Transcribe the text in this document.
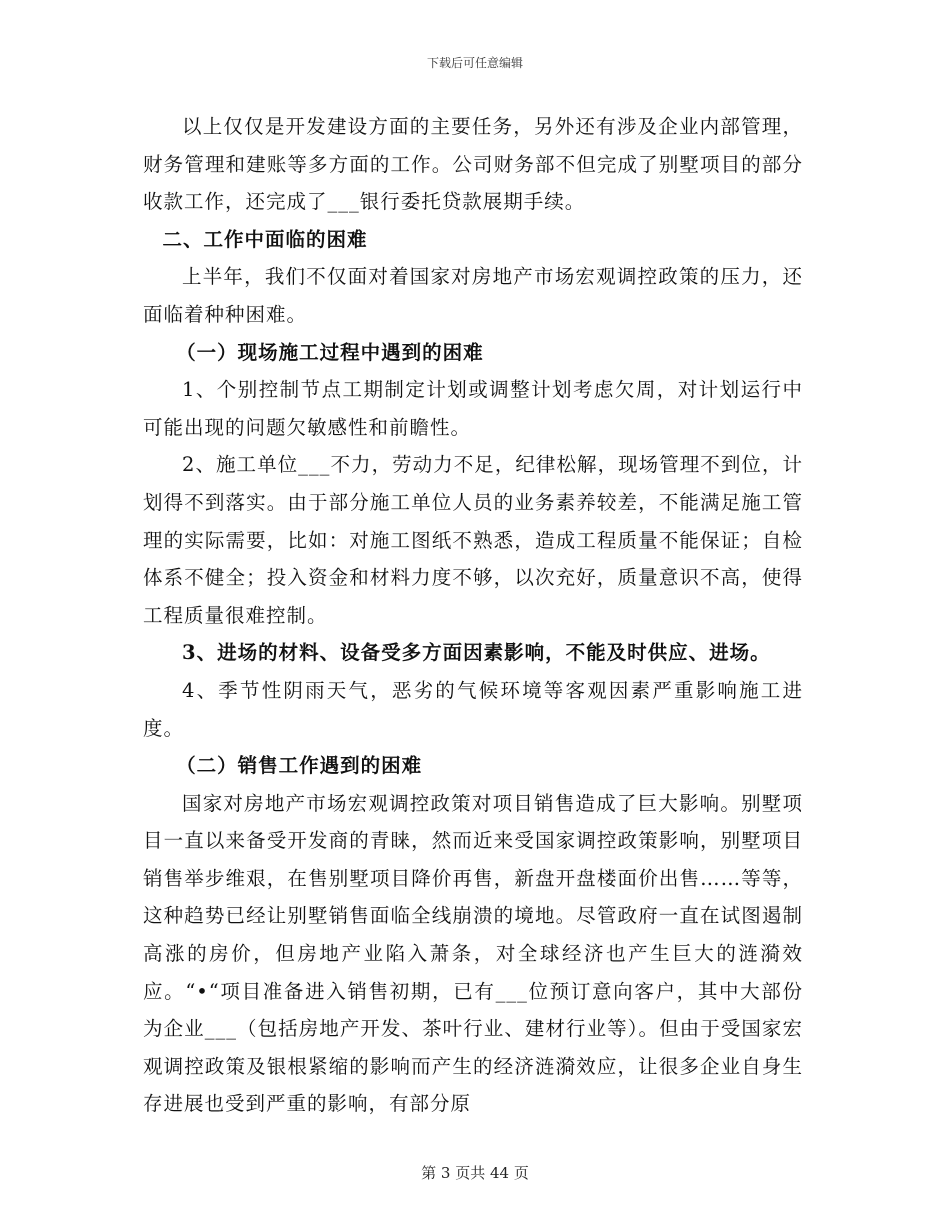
下载后可任意编辑

以上仅仅是开发建设方面的主要任务，另外还有涉及企业内部管理，财务管理和建账等多方面的工作。公司财务部不但完成了别墅项目的部分收款工作，还完成了___银行委托贷款展期手续。

二、工作中面临的困难

上半年，我们不仅面对着国家对房地产市场宏观调控政策的压力，还面临着种种困难。

（一）现场施工过程中遇到的困难

1、个别控制节点工期制定计划或调整计划考虑欠周，对计划运行中可能出现的问题欠敏感性和前瞻性。

2、施工单位___不力，劳动力不足，纪律松解，现场管理不到位，计划得不到落实。由于部分施工单位人员的业务素养较差，不能满足施工管理的实际需要，比如：对施工图纸不熟悉，造成工程质量不能保证；自检体系不健全；投入资金和材料力度不够，以次充好，质量意识不高，使得工程质量很难控制。

3、进场的材料、设备受多方面因素影响，不能及时供应、进场。

4、季节性阴雨天气，恶劣的气候环境等客观因素严重影响施工进度。

（二）销售工作遇到的困难

国家对房地产市场宏观调控政策对项目销售造成了巨大影响。别墅项目一直以来备受开发商的青睐，然而近来受国家调控政策影响，别墅项目销售举步维艰，在售别墅项目降价再售，新盘开盘楼面价出售……等等，这种趋势已经让别墅销售面临全线崩溃的境地。尽管政府一直在试图遏制高涨的房价，但房地产业陷入萧条，对全球经济也产生巨大的涟漪效应。“•“项目准备进入销售初期，已有___位预订意向客户，其中大部份为企业___（包括房地产开发、茶叶行业、建材行业等）。但由于受国家宏观调控政策及银根紧缩的影响而产生的经济涟漪效应，让很多企业自身生存进展也受到严重的影响，有部分原

第 3 页共 44 页
